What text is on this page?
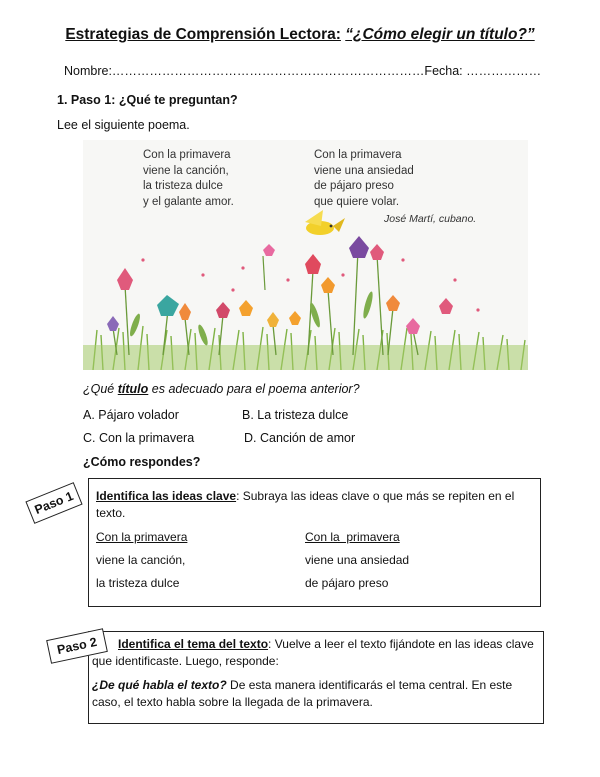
Estrategias de Comprensión Lectora: “¿Cómo elegir un título?”
Nombre:…………………………………………………………………Fecha: ………………
1. Paso 1: ¿Qué te preguntan?
Lee el siguiente poema.
Con la primavera
viene la canción,
la tristeza dulce
y el galante amor.
Con la primavera
viene una ansiedad
de pájaro preso
que quiere volar.
José Martí, cubano.
¿Qué título es adecuado para el poema anterior?
A. Pájaro volador	B. La tristeza dulce
C. Con la primavera	D. Canción de amor
¿Cómo respondes?
Identifica las ideas clave: Subraya las ideas clave o que más se repiten en el texto.
Con la primavera
viene la canción,
la tristeza dulce
Con la  primavera
viene una ansiedad
de pájaro preso
Paso 1
Identifica el tema del texto: Vuelve a leer el texto fijándote en las ideas clave que identificaste. Luego, responde:
¿De qué habla el texto? De esta manera identificarás el tema central. En este caso, el texto habla sobre la llegada de la primavera.
Paso 2
